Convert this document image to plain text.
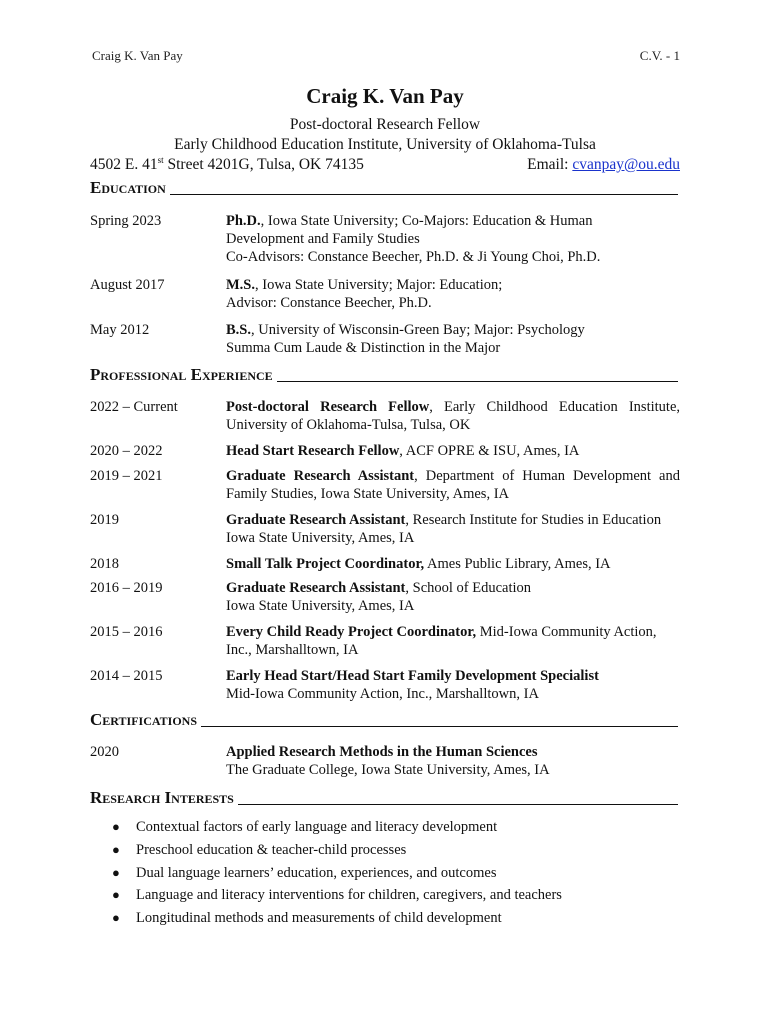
Craig K. Van Pay	C.V. - 1
Craig K. Van Pay
Post-doctoral Research Fellow
Early Childhood Education Institute, University of Oklahoma-Tulsa
4502 E. 41st Street 4201G, Tulsa, OK 74135	Email: cvanpay@ou.edu
Education
Spring 2023	Ph.D., Iowa State University; Co-Majors: Education & Human
Development and Family Studies
Co-Advisors: Constance Beecher, Ph.D. & Ji Young Choi, Ph.D.
August 2017	M.S., Iowa State University; Major: Education;
Advisor: Constance Beecher, Ph.D.
May 2012	B.S., University of Wisconsin-Green Bay; Major: Psychology
Summa Cum Laude & Distinction in the Major
Professional Experience
2022 – Current	Post-doctoral Research Fellow, Early Childhood Education Institute, University of Oklahoma-Tulsa, Tulsa, OK
2020 – 2022	Head Start Research Fellow, ACF OPRE & ISU, Ames, IA
2019 – 2021	Graduate Research Assistant, Department of Human Development and Family Studies, Iowa State University, Ames, IA
2019	Graduate Research Assistant, Research Institute for Studies in Education Iowa State University, Ames, IA
2018	Small Talk Project Coordinator, Ames Public Library, Ames, IA
2016 – 2019	Graduate Research Assistant, School of Education Iowa State University, Ames, IA
2015 – 2016	Every Child Ready Project Coordinator, Mid-Iowa Community Action, Inc., Marshalltown, IA
2014 – 2015	Early Head Start/Head Start Family Development Specialist Mid-Iowa Community Action, Inc., Marshalltown, IA
Certifications
2020	Applied Research Methods in the Human Sciences
The Graduate College, Iowa State University, Ames, IA
Research Interests
●	Contextual factors of early language and literacy development
●	Preschool education & teacher-child processes
●	Dual language learners’ education, experiences, and outcomes
●	Language and literacy interventions for children, caregivers, and teachers
●	Longitudinal methods and measurements of child development
